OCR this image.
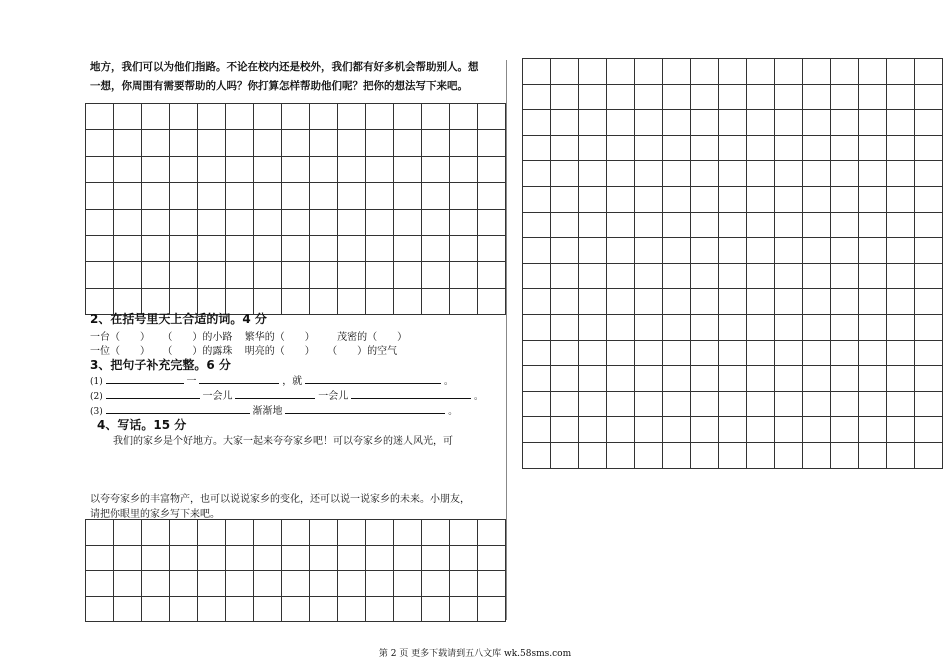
地方，我们可以为他们指路。不论在校内还是校外，我们都有好多机会帮助别人。想
一想，你周围有需要帮助的人吗？你打算怎样帮助他们呢？把你的想法写下来吧。

2、在括号里天上合适的词。4 分
一台（　　） （　　）的小路 繁华的（　　） 茂密的（　　）
一位（　　） （　　）的露珠 明亮的（　　） （　　）的空气
3、把句子补充完整。6 分
(1)	一	，就	。
(2)	一会儿	一会儿	。
(3)	渐渐地	。
4、写话。15 分
我们的家乡是个好地方。大家一起来夸夸家乡吧！可以夸家乡的迷人风光，可
以夸夸家乡的丰富物产，也可以说说家乡的变化，还可以说一说家乡的未来。小朋友，
请把你眼里的家乡写下来吧。

第 2 页 更多下载请到五八文库 wk.58sms.com
